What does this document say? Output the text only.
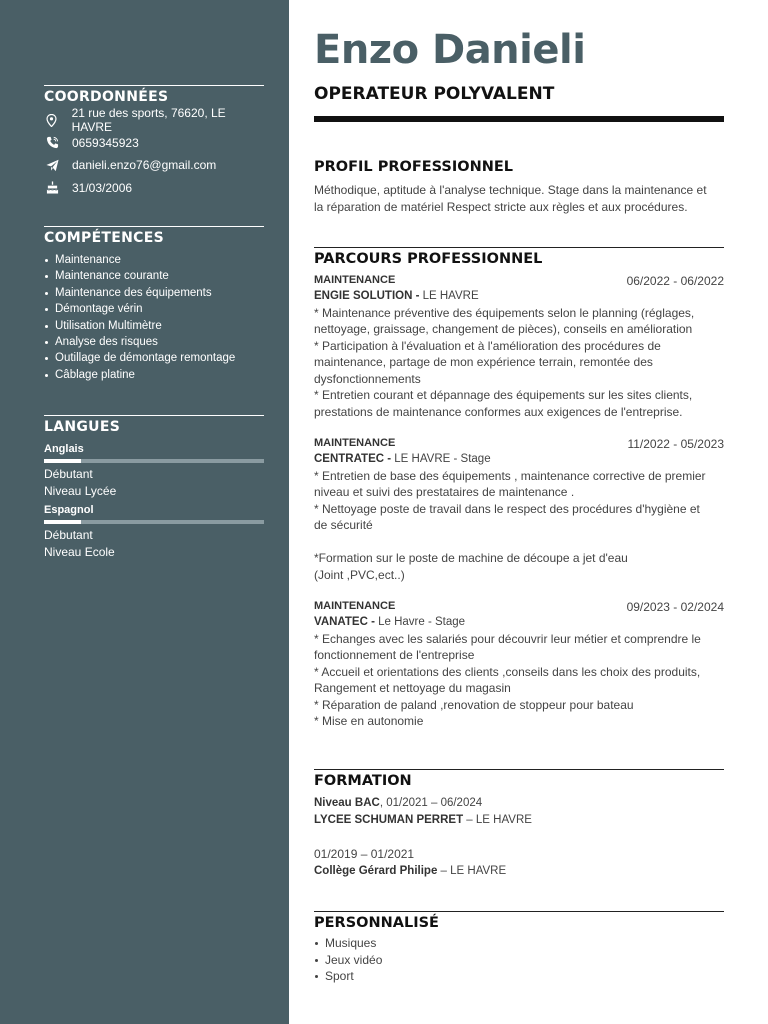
COORDONNÉES
21 rue des sports, 76620, LE HAVRE
0659345923
danieli.enzo76@gmail.com
31/03/2006
COMPÉTENCES
Maintenance
Maintenance courante
Maintenance des équipements
Démontage vérin
Utilisation Multimètre
Analyse des risques
Outillage de démontage remontage
Câblage platine
LANGUES
Anglais
Débutant
Niveau Lycée
Espagnol
Débutant
Niveau Ecole
Enzo Danieli
OPERATEUR POLYVALENT
PROFIL PROFESSIONNEL
Méthodique, aptitude à l'analyse technique. Stage dans la maintenance et
la réparation de matériel Respect stricte aux règles et aux procédures.
PARCOURS PROFESSIONNEL
MAINTENANCE	06/2022 - 06/2022
ENGIE SOLUTION - LE HAVRE
* Maintenance préventive des équipements selon le planning (réglages,
nettoyage, graissage, changement de pièces), conseils en amélioration
* Participation à l'évaluation et à l'amélioration des procédures de
maintenance, partage de mon expérience terrain, remontée des
dysfonctionnements
* Entretien courant et dépannage des équipements sur les sites clients,
prestations de maintenance conformes aux exigences de l'entreprise.
MAINTENANCE	11/2022 - 05/2023
CENTRATEC - LE HAVRE - Stage
* Entretien de base des équipements , maintenance corrective de premier
niveau et suivi des prestataires de maintenance .
* Nettoyage poste de travail dans le respect des procédures d'hygiène et
de sécurité
*Formation sur le poste de machine de découpe a jet d'eau
(Joint ,PVC,ect..)
MAINTENANCE	09/2023 - 02/2024
VANATEC - Le Havre - Stage
* Echanges avec les salariés pour découvrir leur métier et comprendre le
fonctionnement de l'entreprise
* Accueil et orientations des clients ,conseils dans les choix des produits,
Rangement et nettoyage du magasin
* Réparation de paland ,renovation de stoppeur pour bateau
* Mise en autonomie
FORMATION
Niveau BAC, 01/2021 – 06/2024
LYCEE SCHUMAN PERRET – LE HAVRE
01/2019 – 01/2021
Collège Gérard Philipe – LE HAVRE
PERSONNALISÉ
Musiques
Jeux vidéo
Sport
